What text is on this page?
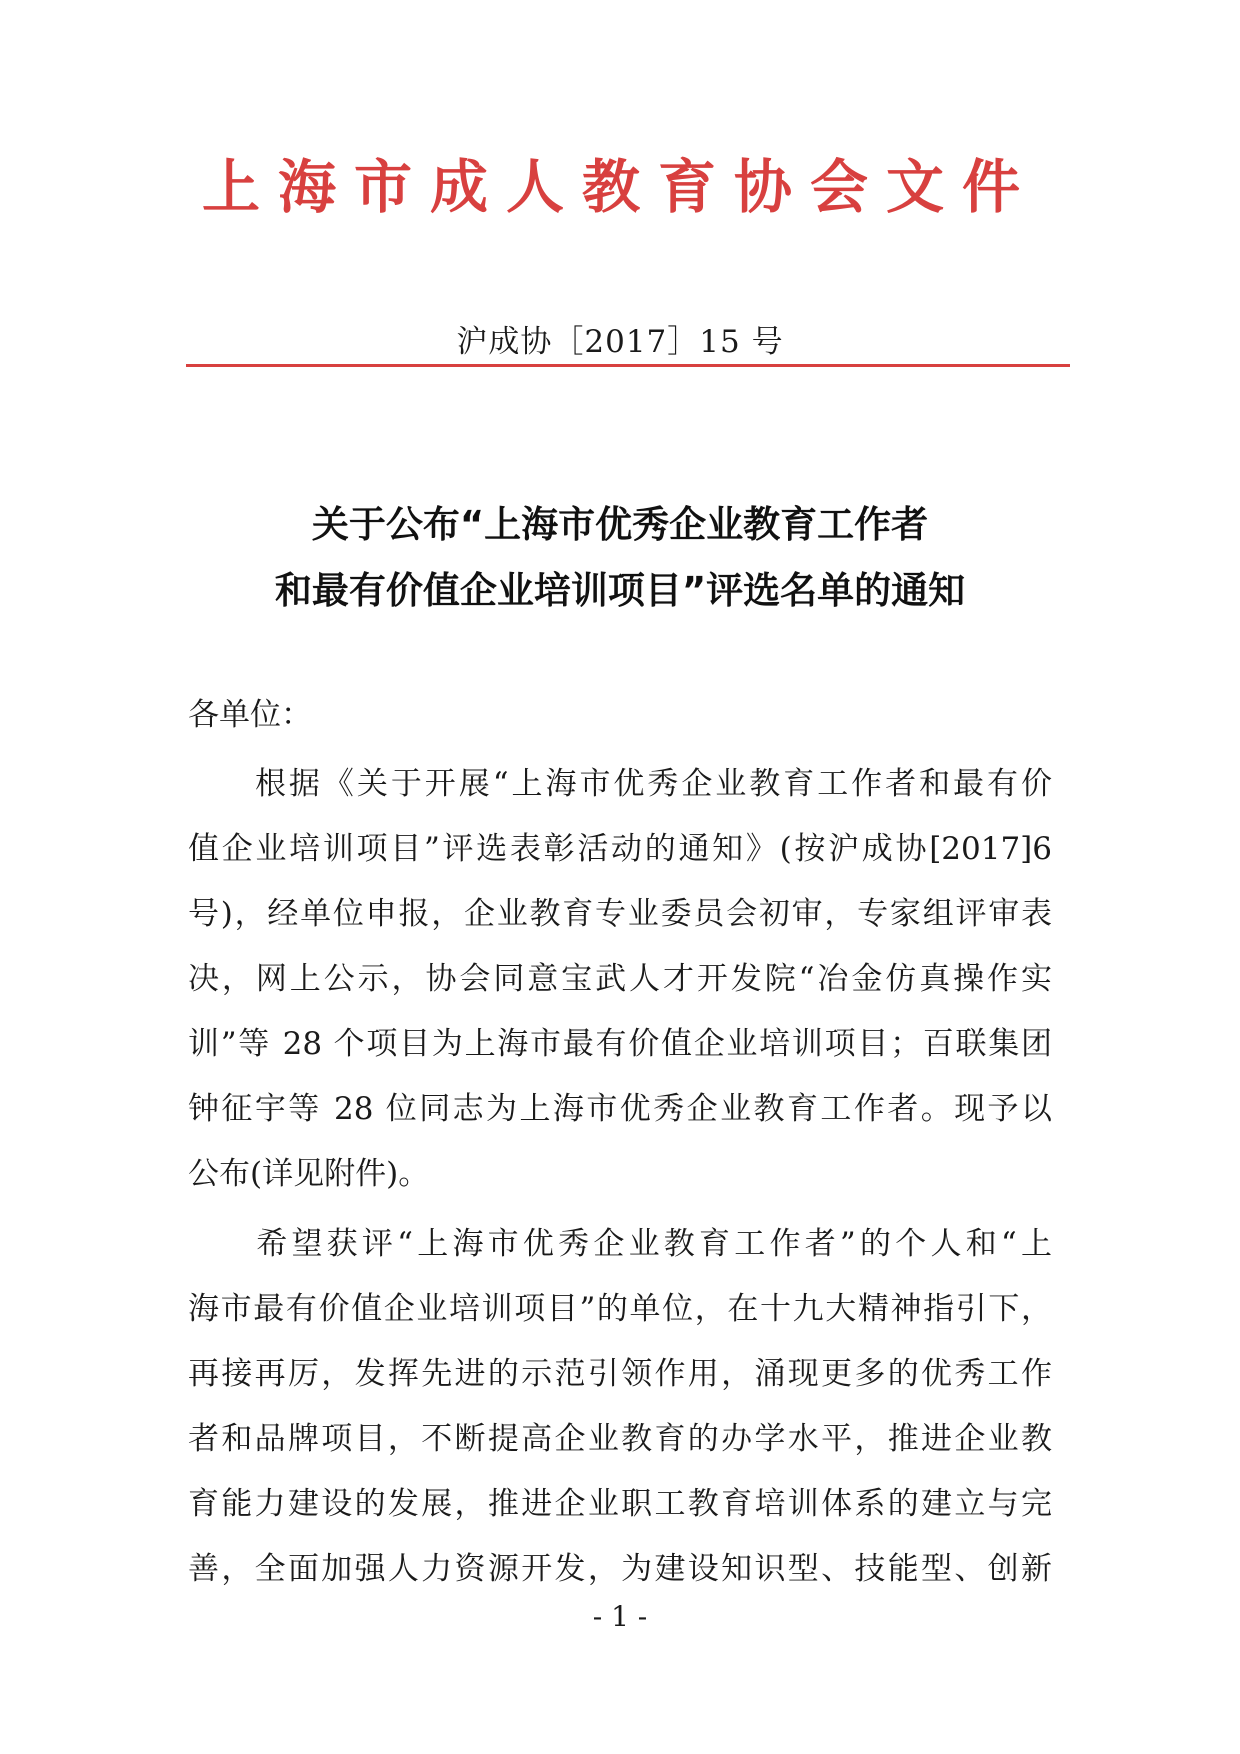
上海市成人教育协会文件
沪成协［2017］15 号
关于公布“上海市优秀企业教育工作者
和最有价值企业培训项目”评选名单的通知
各单位：
根据《关于开展“上海市优秀企业教育工作者和最有价
值企业培训项目”评选表彰活动的通知》(按沪成协[2017]6
号)，经单位申报，企业教育专业委员会初审，专家组评审表
决，网上公示，协会同意宝武人才开发院“冶金仿真操作实
训”等 28 个项目为上海市最有价值企业培训项目；百联集团
钟征宇等 28 位同志为上海市优秀企业教育工作者。现予以
公布(详见附件)。
希望获评“上海市优秀企业教育工作者”的个人和“上
海市最有价值企业培训项目”的单位，在十九大精神指引下，
再接再厉，发挥先进的示范引领作用，涌现更多的优秀工作
者和品牌项目，不断提高企业教育的办学水平，推进企业教
育能力建设的发展，推进企业职工教育培训体系的建立与完
善，全面加强人力资源开发，为建设知识型、技能型、创新
- 1 -
